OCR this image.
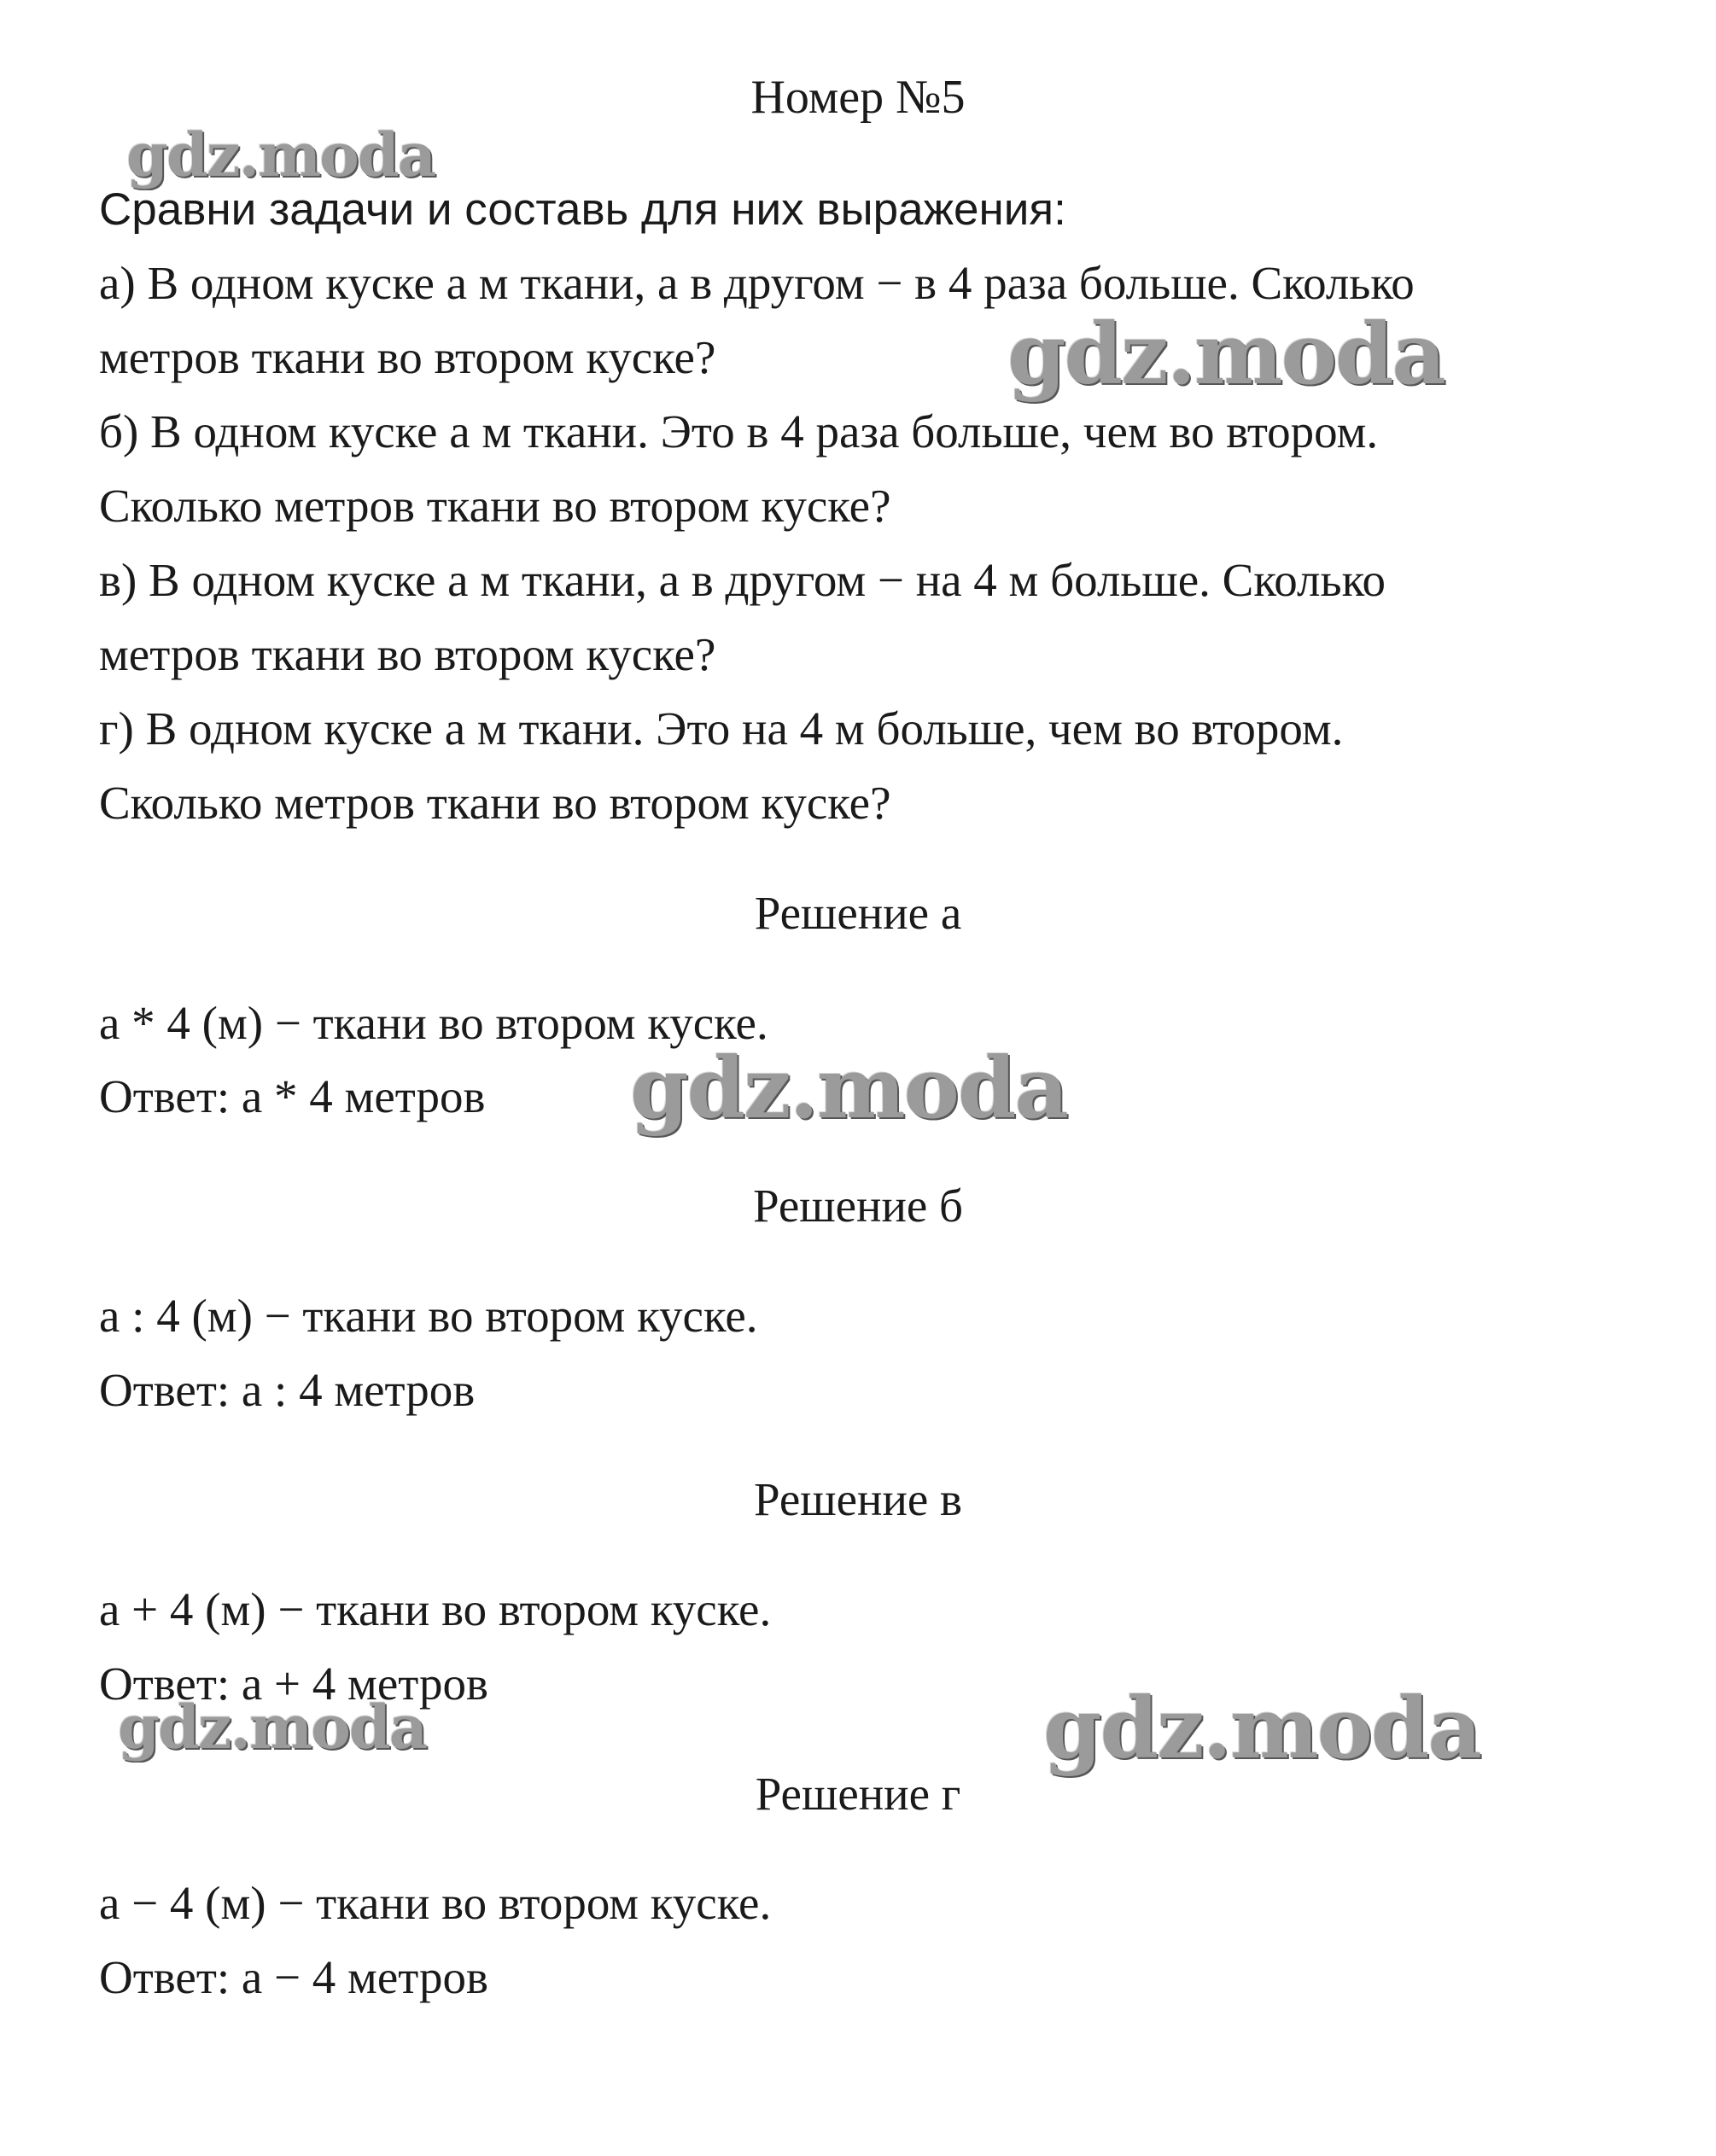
Номер №5
Сравни задачи и составь для них выражения:
а) В одном куске а м ткани, а в другом − в 4 раза больше. Сколько
метров ткани во втором куске?
б) В одном куске а м ткани. Это в 4 раза больше, чем во втором.
Сколько метров ткани во втором куске?
в) В одном куске а м ткани, а в другом − на 4 м больше. Сколько
метров ткани во втором куске?
г) В одном куске а м ткани. Это на 4 м больше, чем во втором.
Сколько метров ткани во втором куске?
Решение а
а * 4 (м) − ткани во втором куске.
Ответ: а * 4 метров
Решение б
а : 4 (м) − ткани во втором куске.
Ответ: а : 4 метров
Решение в
а + 4 (м) − ткани во втором куске.
Ответ: а + 4 метров
Решение г
а − 4 (м) − ткани во втором куске.
Ответ: а − 4 метров
gdz.moda
gdz.moda
gdz.moda
gdz.moda	gdz.moda
